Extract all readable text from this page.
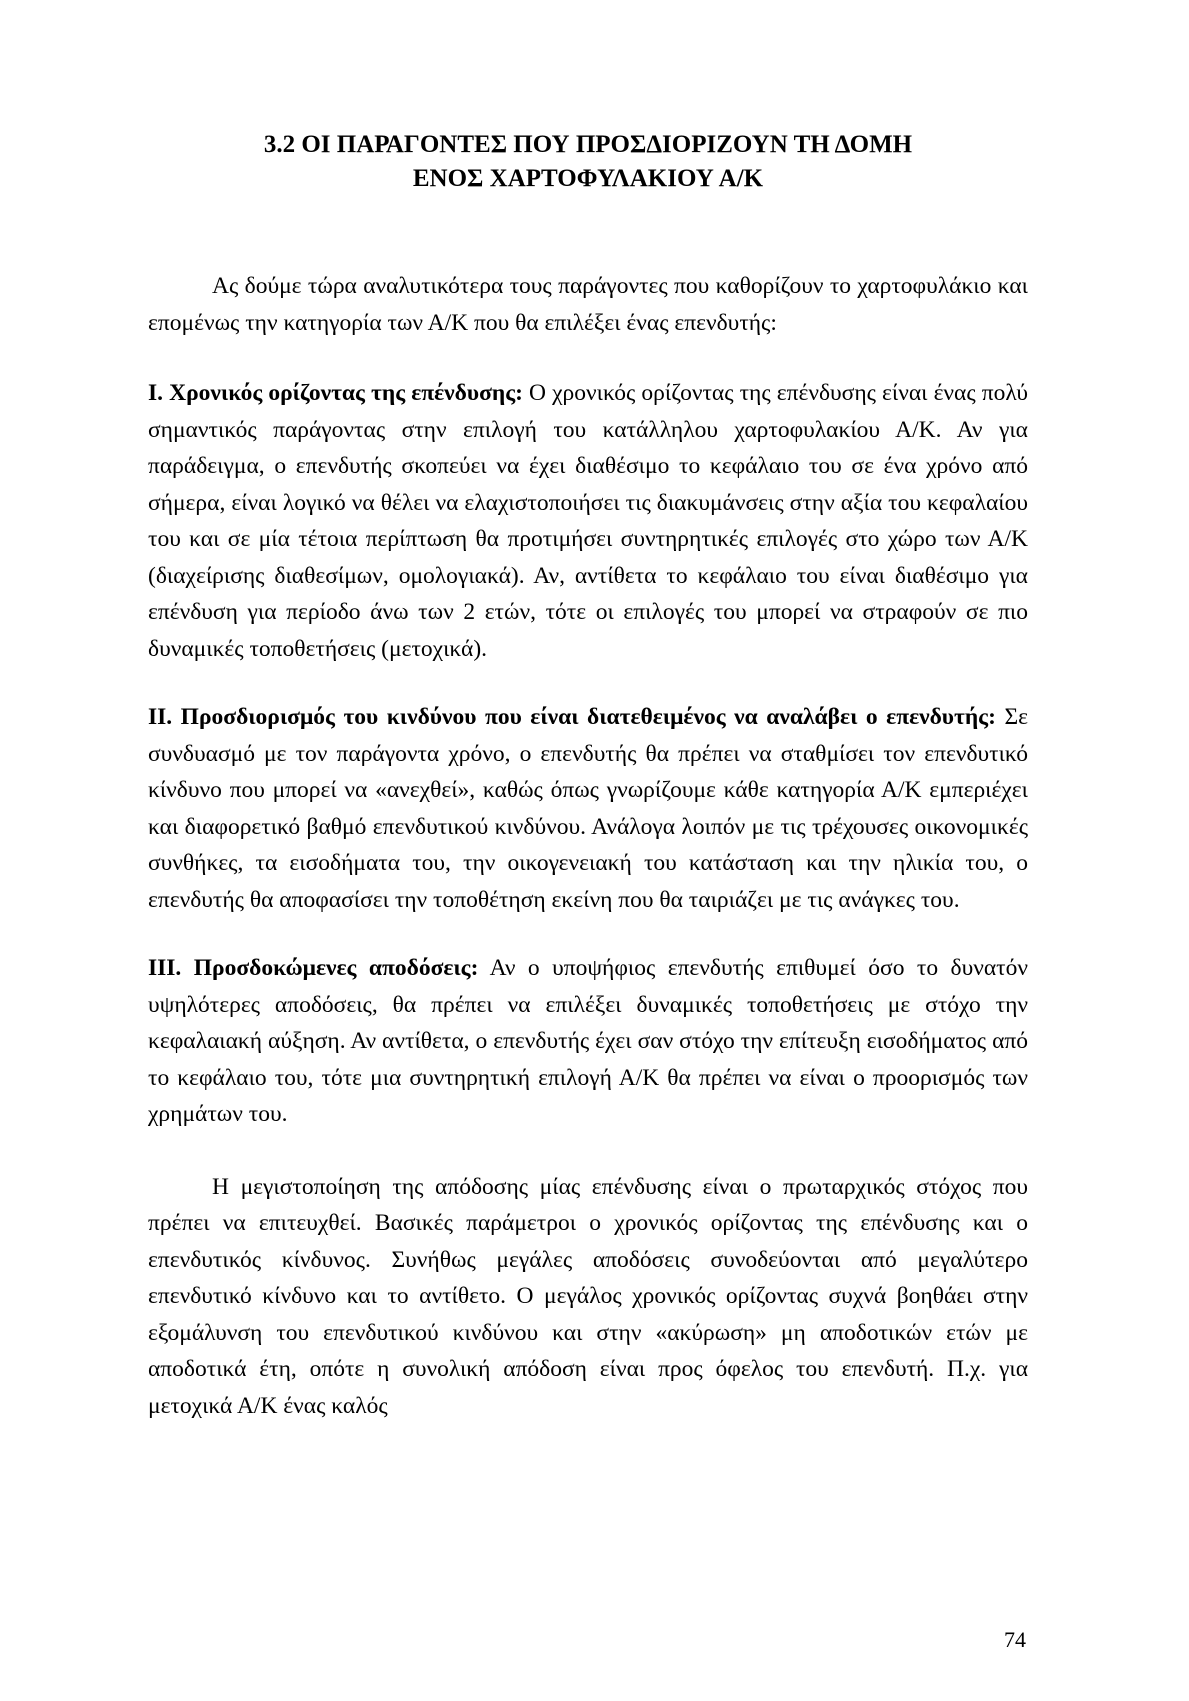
3.2 ΟΙ ΠΑΡΑΓΟΝΤΕΣ ΠΟΥ ΠΡΟΣΔΙΟΡΙΖΟΥΝ ΤΗ ΔΟΜΗ
ΕΝΟΣ ΧΑΡΤΟΦΥΛΑΚΙΟΥ Α/Κ

Ας δούμε τώρα αναλυτικότερα τους παράγοντες που καθορίζουν το χαρτοφυλάκιο και επομένως την κατηγορία των Α/Κ που θα επιλέξει ένας επενδυτής:

Ι. Χρονικός ορίζοντας της επένδυσης: Ο χρονικός ορίζοντας της επένδυσης είναι ένας πολύ σημαντικός παράγοντας στην επιλογή του κατάλληλου χαρτοφυλακίου Α/Κ. Αν για παράδειγμα, ο επενδυτής σκοπεύει να έχει διαθέσιμο το κεφάλαιο του σε ένα χρόνο από σήμερα, είναι λογικό να θέλει να ελαχιστοποιήσει τις διακυμάνσεις στην αξία του κεφαλαίου του και σε μία τέτοια περίπτωση θα προτιμήσει συντηρητικές επιλογές στο χώρο των Α/Κ (διαχείρισης διαθεσίμων, ομολογιακά). Αν, αντίθετα το κεφάλαιο του είναι διαθέσιμο για επένδυση για περίοδο άνω των 2 ετών, τότε οι επιλογές του μπορεί να στραφούν σε πιο δυναμικές τοποθετήσεις (μετοχικά).

ΙΙ. Προσδιορισμός του κινδύνου που είναι διατεθειμένος να αναλάβει ο επενδυτής: Σε συνδυασμό με τον παράγοντα χρόνο, ο επενδυτής θα πρέπει να σταθμίσει τον επενδυτικό κίνδυνο που μπορεί να «ανεχθεί», καθώς όπως γνωρίζουμε κάθε κατηγορία Α/Κ εμπεριέχει και διαφορετικό βαθμό επενδυτικού κινδύνου. Ανάλογα λοιπόν με τις τρέχουσες οικονομικές συνθήκες, τα εισοδήματα του, την οικογενειακή του κατάσταση και την ηλικία του, ο επενδυτής θα αποφασίσει την τοποθέτηση εκείνη που θα ταιριάζει με τις ανάγκες του.

ΙΙΙ. Προσδοκώμενες αποδόσεις: Αν ο υποψήφιος επενδυτής επιθυμεί όσο το δυνατόν υψηλότερες αποδόσεις, θα πρέπει να επιλέξει δυναμικές τοποθετήσεις με στόχο την κεφαλαιακή αύξηση. Αν αντίθετα, ο επενδυτής έχει σαν στόχο την επίτευξη εισοδήματος από το κεφάλαιο του, τότε μια συντηρητική επιλογή Α/Κ θα πρέπει να είναι ο προορισμός των χρημάτων του.

Η μεγιστοποίηση της απόδοσης μίας επένδυσης είναι ο πρωταρχικός στόχος που πρέπει να επιτευχθεί. Βασικές παράμετροι ο χρονικός ορίζοντας της επένδυσης και ο επενδυτικός κίνδυνος. Συνήθως μεγάλες αποδόσεις συνοδεύονται από μεγαλύτερο επενδυτικό κίνδυνο και το αντίθετο. Ο μεγάλος χρονικός ορίζοντας συχνά βοηθάει στην εξομάλυνση του επενδυτικού κινδύνου και στην «ακύρωση» μη αποδοτικών ετών με αποδοτικά έτη, οπότε η συνολική απόδοση είναι προς όφελος του επενδυτή. Π.χ. για μετοχικά Α/Κ ένας καλός

74
